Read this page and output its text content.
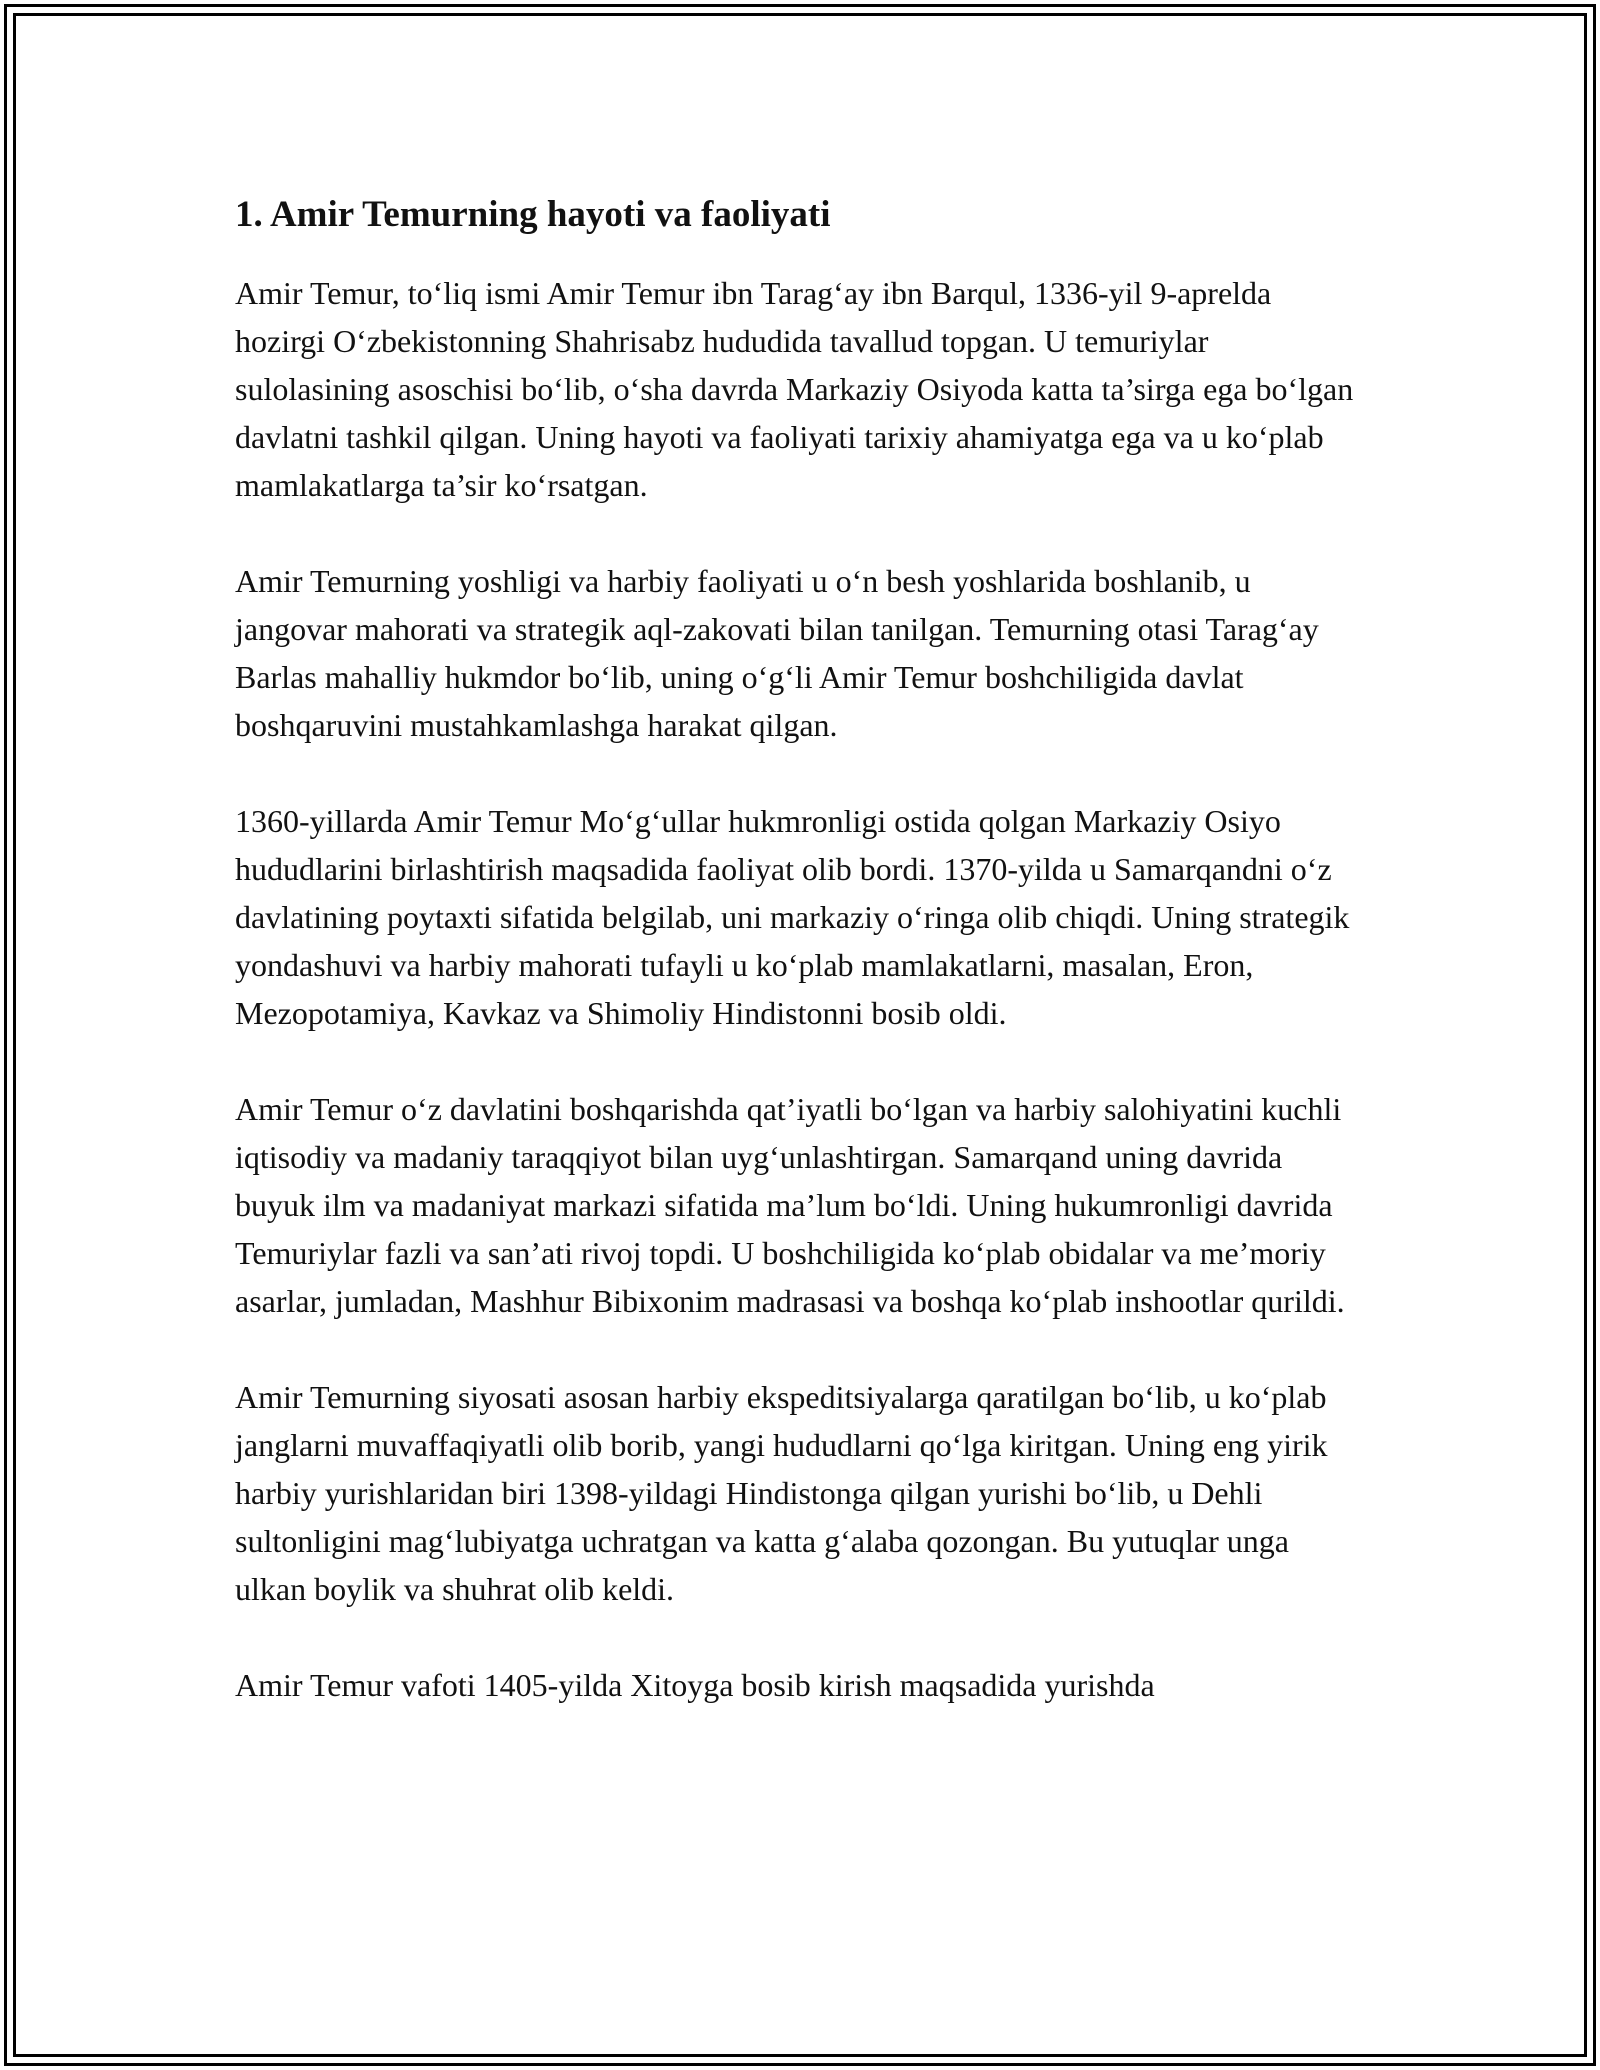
1. Amir Temurning hayoti va faoliyati

Amir Temur, to‘liq ismi Amir Temur ibn Tarag‘ay ibn Barqul, 1336-yil 9-aprelda hozirgi O‘zbekistonning Shahrisabz hududida tavallud topgan. U temuriylar sulolasining asoschisi bo‘lib, o‘sha davrda Markaziy Osiyoda katta ta’sirga ega bo‘lgan davlatni tashkil qilgan. Uning hayoti va faoliyati tarixiy ahamiyatga ega va u ko‘plab mamlakatlarga ta’sir ko‘rsatgan.

Amir Temurning yoshligi va harbiy faoliyati u o‘n besh yoshlarida boshlanib, u jangovar mahorati va strategik aql-zakovati bilan tanilgan. Temurning otasi Tarag‘ay Barlas mahalliy hukmdor bo‘lib, uning o‘g‘li Amir Temur boshchiligida davlat boshqaruvini mustahkamlashga harakat qilgan.

1360-yillarda Amir Temur Mo‘g‘ullar hukmronligi ostida qolgan Markaziy Osiyo hududlarini birlashtirish maqsadida faoliyat olib bordi. 1370-yilda u Samarqandni o‘z davlatining poytaxti sifatida belgilab, uni markaziy o‘ringa olib chiqdi. Uning strategik yondashuvi va harbiy mahorati tufayli u ko‘plab mamlakatlarni, masalan, Eron, Mezopotamiya, Kavkaz va Shimoliy Hindistonni bosib oldi.

Amir Temur o‘z davlatini boshqarishda qat’iyatli bo‘lgan va harbiy salohiyatini kuchli iqtisodiy va madaniy taraqqiyot bilan uyg‘unlashtirgan. Samarqand uning davrida buyuk ilm va madaniyat markazi sifatida ma’lum bo‘ldi. Uning hukumronligi davrida Temuriylar fazli va san’ati rivoj topdi. U boshchiligida ko‘plab obidalar va me’moriy asarlar, jumladan, Mashhur Bibixonim madrasasi va boshqa ko‘plab inshootlar qurildi.

Amir Temurning siyosati asosan harbiy ekspeditsiyalarga qaratilgan bo‘lib, u ko‘plab janglarni muvaffaqiyatli olib borib, yangi hududlarni qo‘lga kiritgan. Uning eng yirik harbiy yurishlaridan biri 1398-yildagi Hindistonga qilgan yurishi bo‘lib, u Dehli sultonligini mag‘lubiyatga uchratgan va katta g‘alaba qozongan. Bu yutuqlar unga ulkan boylik va shuhrat olib keldi.

Amir Temur vafoti 1405-yilda Xitoyga bosib kirish maqsadida yurishda
